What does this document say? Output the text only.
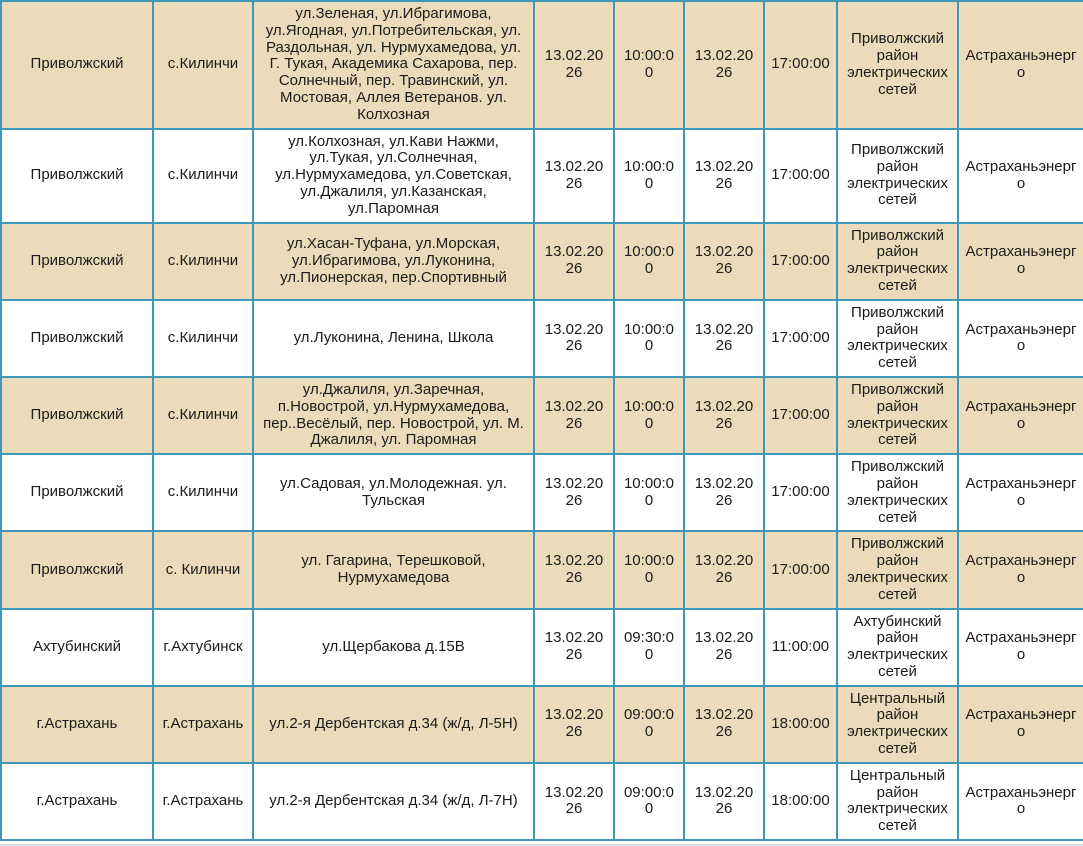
Приволжский	с.Килинчи	ул.Зеленая, ул.Ибрагимова, ул.Ягодная, ул.Потребительская, ул. Раздольная, ул. Нурмухамедова, ул. Г. Тукая, Академика Сахарова, пер. Солнечный, пер. Травинский, ул. Мостовая, Аллея Ветеранов. ул. Колхозная	13.02.2026	10:00:00	13.02.2026	17:00:00	Приволжский район электрических сетей	Астраханьэнерго
Приволжский	с.Килинчи	ул.Колхозная, ул.Кави Нажми, ул.Тукая, ул.Солнечная, ул.Нурмухамедова, ул.Советская, ул.Джалиля, ул.Казанская, ул.Паромная	13.02.2026	10:00:00	13.02.2026	17:00:00	Приволжский район электрических сетей	Астраханьэнерго
Приволжский	с.Килинчи	ул.Хасан-Туфана, ул.Морская, ул.Ибрагимова, ул.Луконина, ул.Пионерская, пер.Спортивный	13.02.2026	10:00:00	13.02.2026	17:00:00	Приволжский район электрических сетей	Астраханьэнерго
Приволжский	с.Килинчи	ул.Луконина, Ленина, Школа	13.02.2026	10:00:00	13.02.2026	17:00:00	Приволжский район электрических сетей	Астраханьэнерго
Приволжский	с.Килинчи	ул.Джалиля, ул.Заречная, п.Новострой, ул.Нурмухамедова, пер..Весёлый, пер. Новострой, ул. М. Джалиля, ул. Паромная	13.02.2026	10:00:00	13.02.2026	17:00:00	Приволжский район электрических сетей	Астраханьэнерго
Приволжский	с.Килинчи	ул.Садовая, ул.Молодежная. ул. Тульская	13.02.2026	10:00:00	13.02.2026	17:00:00	Приволжский район электрических сетей	Астраханьэнерго
Приволжский	с. Килинчи	ул. Гагарина, Терешковой, Нурмухамедова	13.02.2026	10:00:00	13.02.2026	17:00:00	Приволжский район электрических сетей	Астраханьэнерго
Ахтубинский	г.Ахтубинск	ул.Щербакова д.15В	13.02.2026	09:30:00	13.02.2026	11:00:00	Ахтубинский район электрических сетей	Астраханьэнерго
г.Астрахань	г.Астрахань	ул.2-я Дербентская д.34 (ж/д, Л-5Н)	13.02.2026	09:00:00	13.02.2026	18:00:00	Центральный район электрических сетей	Астраханьэнерго
г.Астрахань	г.Астрахань	ул.2-я Дербентская д.34 (ж/д, Л-7Н)	13.02.2026	09:00:00	13.02.2026	18:00:00	Центральный район электрических сетей	Астраханьэнерго
